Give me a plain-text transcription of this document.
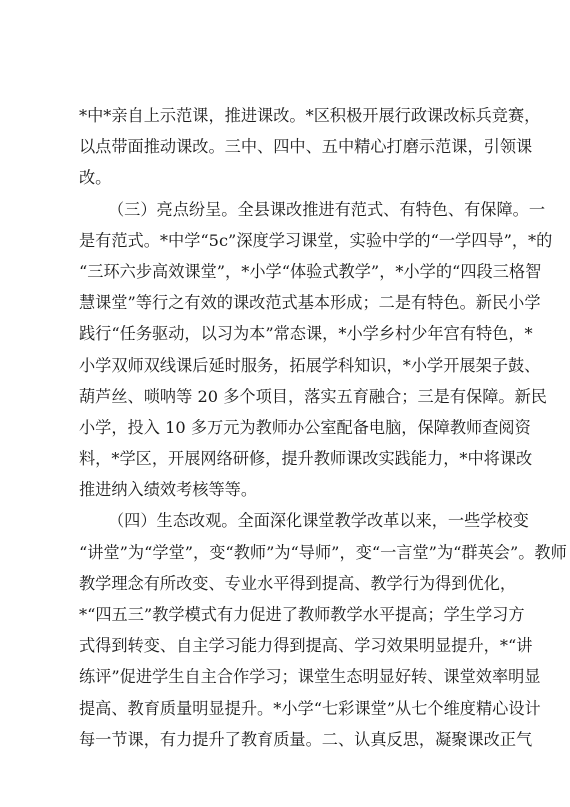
*中*亲自上示范课，推进课改。*区积极开展行政课改标兵竞赛，
以点带面推动课改。三中、四中、五中精心打磨示范课，引领课
改。
（三）亮点纷呈。全县课改推进有范式、有特色、有保障。一
是有范式。*中学“5c”深度学习课堂，实验中学的“一学四导”，*的
“三环六步高效课堂”，*小学“体验式教学”，*小学的“四段三格智
慧课堂”等行之有效的课改范式基本形成；二是有特色。新民小学
践行“任务驱动，以习为本”常态课，*小学乡村少年宫有特色，*
小学双师双线课后延时服务，拓展学科知识，*小学开展架子鼓、
葫芦丝、唢呐等 20 多个项目，落实五育融合；三是有保障。新民
小学，投入 10 多万元为教师办公室配备电脑，保障教师查阅资
料，*学区，开展网络研修，提升教师课改实践能力，*中将课改
推进纳入绩效考核等等。
（四）生态改观。全面深化课堂教学改革以来，一些学校变
“讲堂”为“学堂”，变“教师”为“导师”，变“一言堂”为“群英会”。教师
教学理念有所改变、专业水平得到提高、教学行为得到优化，
*“四五三”教学模式有力促进了教师教学水平提高；学生学习方
式得到转变、自主学习能力得到提高、学习效果明显提升，*“讲
练评”促进学生自主合作学习；课堂生态明显好转、课堂效率明显
提高、教育质量明显提升。*小学“七彩课堂”从七个维度精心设计
每一节课，有力提升了教育质量。二、认真反思，凝聚课改正气
